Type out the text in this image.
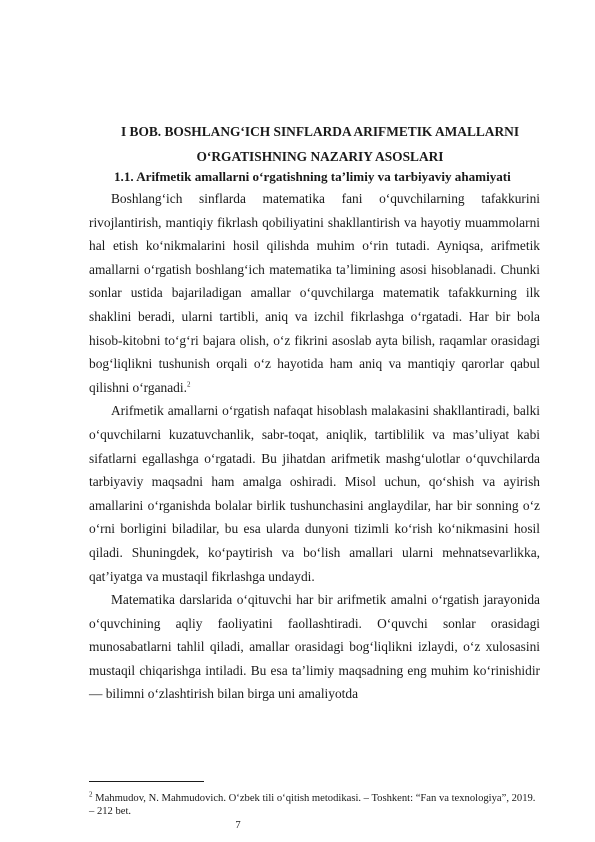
I BOB. BOSHLANG‘ICH SINFLARDA ARIFMETIK AMALLARNI O‘RGATISHNING NAZARIY ASOSLARI
1.1. Arifmetik amallarni o‘rgatishning ta’limiy va tarbiyaviy ahamiyati

Boshlang‘ich sinflarda matematika fani o‘quvchilarning tafakkurini rivojlantirish, mantiqiy fikrlash qobiliyatini shakllantirish va hayotiy muammolarni hal etish ko‘nikmalarini hosil qilishda muhim o‘rin tutadi. Ayniqsa, arifmetik amallarni o‘rgatish boshlang‘ich matematika ta’limining asosi hisoblanadi. Chunki sonlar ustida bajariladigan amallar o‘quvchilarga matematik tafakkurning ilk shaklini beradi, ularni tartibli, aniq va izchil fikrlashga o‘rgatadi. Har bir bola hisob-kitobni to‘g‘ri bajara olish, o‘z fikrini asoslab ayta bilish, raqamlar orasidagi bog‘liqlikni tushunish orqali o‘z hayotida ham aniq va mantiqiy qarorlar qabul qilishni o‘rganadi.$^2$

Arifmetik amallarni o‘rgatish nafaqat hisoblash malakasini shakllantiradi, balki o‘quvchilarni kuzatuvchanlik, sabr-toqat, aniqlik, tartiblilik va mas’uliyat kabi sifatlarni egallashga o‘rgatadi. Bu jihatdan arifmetik mashg‘ulotlar o‘quvchilarda tarbiyaviy maqsadni ham amalga oshiradi. Misol uchun, qo‘shish va ayirish amallarini o‘rganishda bolalar birlik tushunchasini anglaydilar, har bir sonning o‘z o‘rni borligini biladilar, bu esa ularda dunyoni tizimli ko‘rish ko‘nikmasini hosil qiladi. Shuningdek, ko‘paytirish va bo‘lish amallari ularni mehnatsevarlikka, qat’iyatga va mustaqil fikrlashga undaydi.

Matematika darslarida o‘qituvchi har bir arifmetik amalni o‘rgatish jarayonida o‘quvchining aqliy faoliyatini faollashtiradi. O‘quvchi sonlar orasidagi munosabatlarni tahlil qiladi, amallar orasidagi bog‘liqlikni izlaydi, o‘z xulosasini mustaqil chiqarishga intiladi. Bu esa ta’limiy maqsadning eng muhim ko‘rinishidir — bilimni o‘zlashtirish bilan birga uni amaliyotda

$^2$ Mahmudov, N. Mahmudovich. O‘zbek tili o‘qitish metodikasi. – Toshkent: “Fan va texnologiya”, 2019. – 212 bet.

7
